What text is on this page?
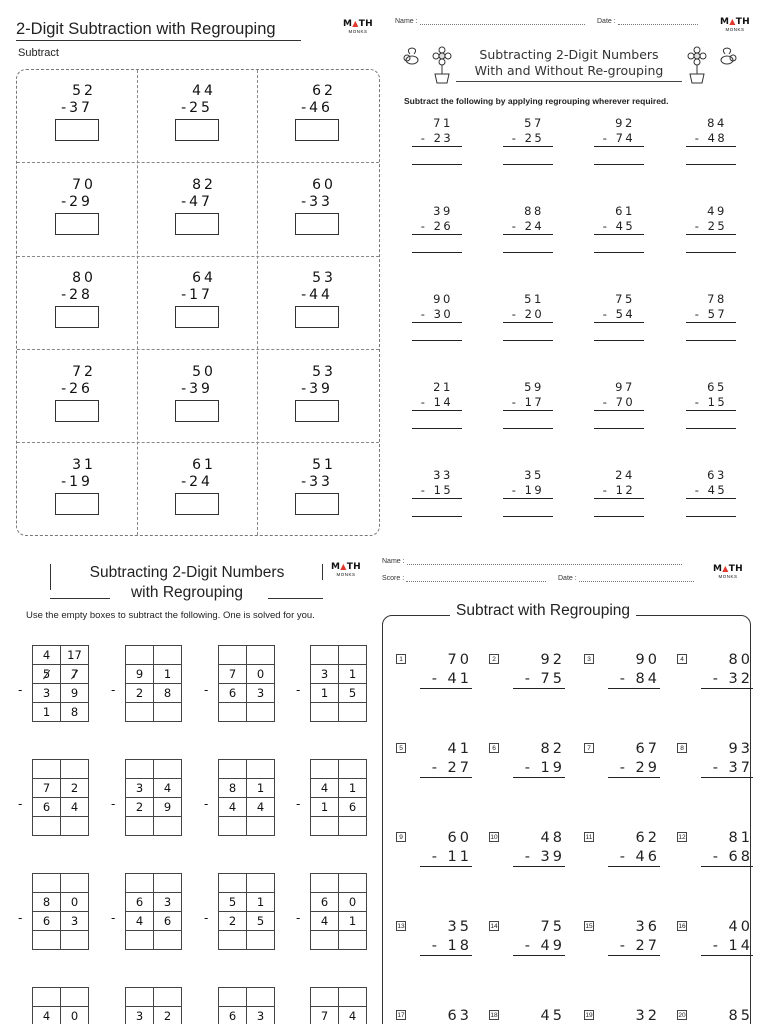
2-Digit Subtraction with Regrouping	M▲TH
MONKS
Subtract
52
-37
44
-25
62
-46
70
-29
82
-47
60
-33
80
-28
64
-17
53
-44
72
-26
50
-39
53
-39
31
-19
61
-24
51
-33
Name :	Date :	M▲TH
MONKS
Subtracting 2-Digit Numbers
With and Without Re-grouping
Subtract the following by applying regrouping wherever required.
71
- 23
57
- 25
92
- 74
84
- 48
39
- 26
88
- 24
61
- 45
49
- 25
90
- 30
51
- 20
75
- 54
78
- 57
21
- 14
59
- 17
97
- 70
65
- 15
33
- 15
35
- 19
24
- 12
63
- 45
Subtracting 2-Digit Numbers
with Regrouping
M▲TH
MONKS
Use the empty boxes to subtract the following. One is solved for you.
4	17
5	7
3	9
1	8
-

9	1
2	8

-

7	0
6	3

-

3	1
1	5

-

7	2
6	4

-

3	4
2	9

-

8	1
4	4

-

4	1
1	6

-

8	0
6	3

-

6	3
4	6

-

5	1
2	5

-

6	0
4	1

-

4	0

		3	2

		6	3

		7	4

Name :
Score :	Date :
M▲TH
MONKS
Subtract with Regrouping
1	70
- 41
2	92
- 75
3	90
- 84
4	80
- 32
5	41
- 27
6	82
- 19
7	67
- 29
8	93
- 37
9	60
- 11
10	48
- 39
11	62
- 46
12	81
- 68
13	35
- 18
14	75
- 49
15	36
- 27
16	40
- 14
17	63	18	45	19	32	20	85
